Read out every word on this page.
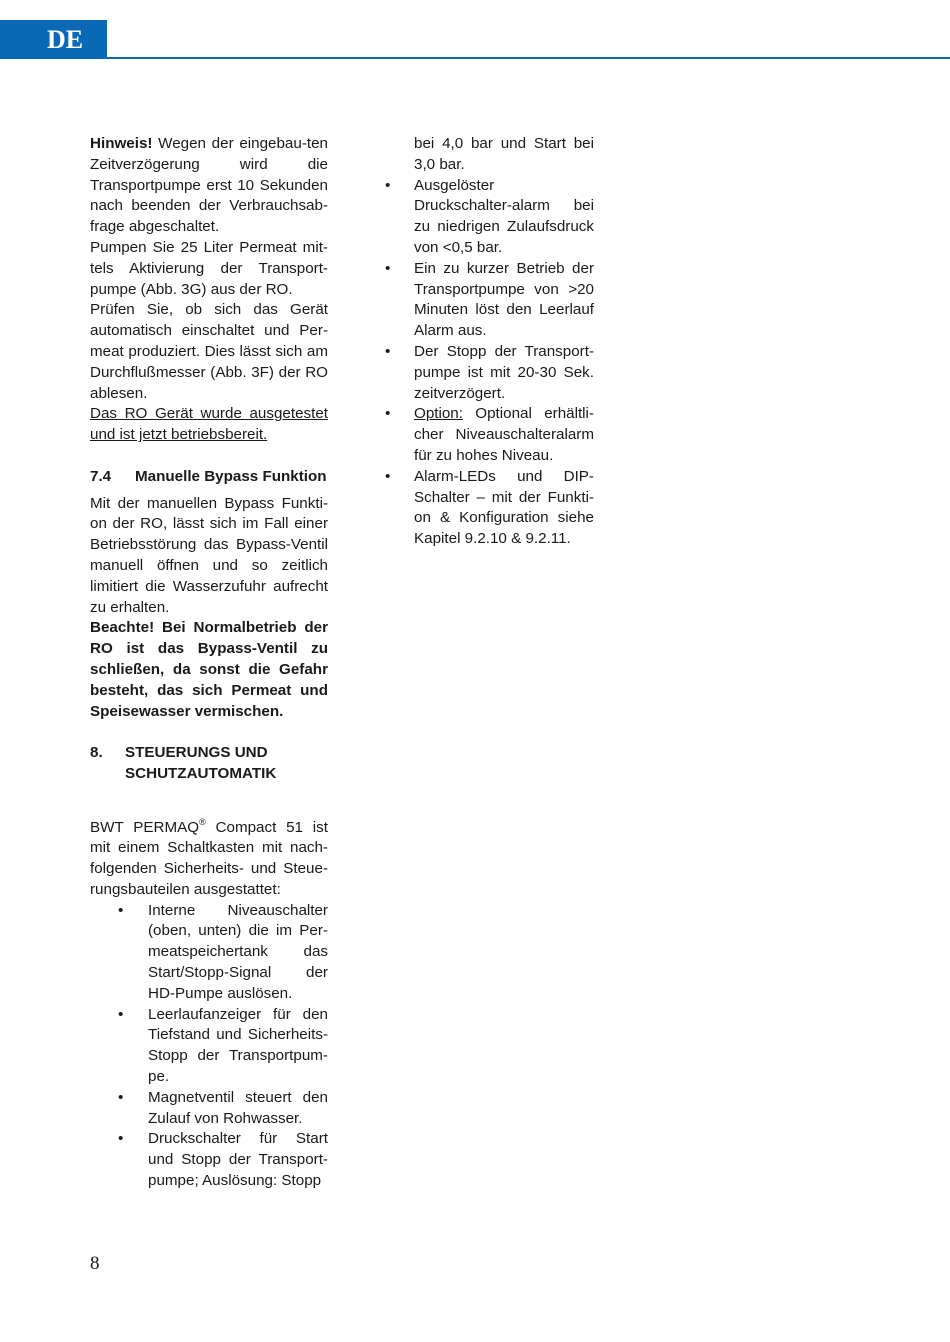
DE

Hinweis! Wegen der eingebau-ten Zeitverzögerung wird die Transportpumpe erst 10 Sekunden nach beenden der Verbrauchsab-frage abgeschaltet.

Pumpen Sie 25 Liter Permeat mit-tels Aktivierung der Transport-pumpe (Abb. 3G) aus der RO.

Prüfen Sie, ob sich das Gerät automatisch einschaltet und Per-meat produziert. Dies lässt sich am Durchflußmesser (Abb. 3F) der RO ablesen.

Das RO Gerät wurde ausgetestet und ist jetzt betriebsbereit.

7.4	Manuelle Bypass Funktion

Mit der manuellen Bypass Funkti-on der RO, lässt sich im Fall einer Betriebsstörung das Bypass-Ventil manuell öffnen und so zeitlich limitiert die Wasserzufuhr aufrecht zu erhalten.

Beachte! Bei Normalbetrieb der RO ist das Bypass-Ventil zu schließen, da sonst die Gefahr besteht, das sich Permeat und Speisewasser vermischen.

8.	STEUERUNGS UND SCHUTZAUTOMATIK

BWT PERMAQ® Compact 51 ist mit einem Schaltkasten mit nach-folgenden Sicherheits- und Steue-rungsbauteilen ausgestattet:

• Interne Niveauschalter (oben, unten) die im Per-meatspeichertank das Start/Stopp-Signal der HD-Pumpe auslösen.
• Leerlaufanzeiger für den Tiefstand und Sicherheits-Stopp der Transportpum-pe.
• Magnetventil steuert den Zulauf von Rohwasser.
• Druckschalter für Start und Stopp der Transport-pumpe; Auslösung: Stopp

bei 4,0 bar und Start bei 3,0 bar.

• Ausgelöster Druckschalter-alarm bei zu niedrigen Zulaufsdruck von <0,5 bar.
• Ein zu kurzer Betrieb der Transportpumpe von >20 Minuten löst den Leerlauf Alarm aus.
• Der Stopp der Transport-pumpe ist mit 20-30 Sek. zeitverzögert.
• Option: Optional erhältli-cher Niveauschalteralarm für zu hohes Niveau.
• Alarm-LEDs und DIP-Schalter – mit der Funkti-on & Konfiguration siehe Kapitel 9.2.10 & 9.2.11.
8
